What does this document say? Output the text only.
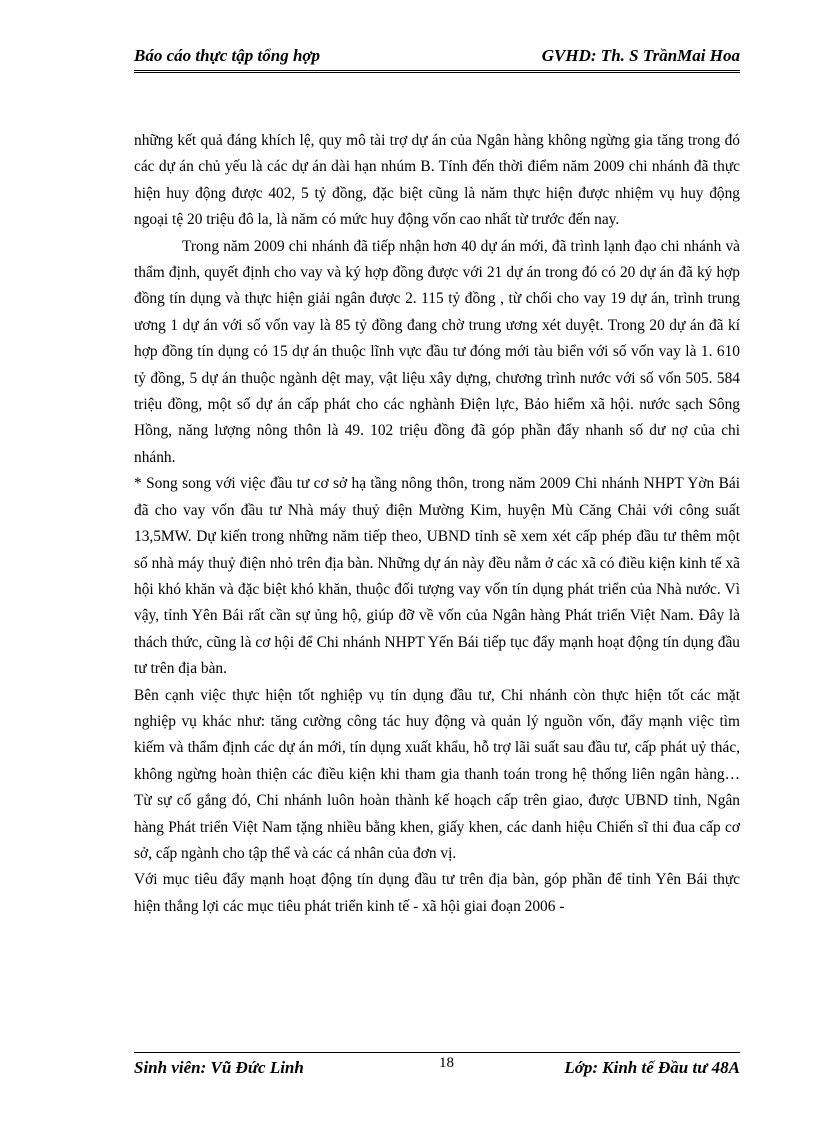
Báo cáo thực tập tổng hợp	GVHD: Th. S TrầnMai Hoa

những kết quả đáng khích lệ, quy mô tài trợ dự án của Ngân hàng không ngừng gia tăng trong đó các dự án chủ yếu là các dự án dài hạn nhúm B. Tính đến thời điểm năm 2009 chi nhánh đã thực hiện huy động được 402, 5 tỷ đồng, đặc biệt cũng là năm thực hiện được nhiệm vụ huy động ngoại tệ 20 triệu đô la, là năm có mức huy động vốn cao nhất từ trước đến nay.

Trong năm 2009 chi nhánh đã tiếp nhận hơn 40 dự án mới, đã trình lạnh đạo chi nhánh và thẩm định, quyết định cho vay và ký hợp đồng được với 21 dự án trong đó có 20 dự án đã ký hợp đồng tín dụng và thực hiện giải ngân được 2. 115 tỷ đồng , từ chối cho vay 19 dự án, trình trung ương 1 dự án với số vốn vay là 85 tỷ đồng đang chờ trung ương xét duyệt. Trong 20 dự án đã kí hợp đồng tín dụng có 15 dự án thuộc lĩnh vực đầu tư đóng mới tàu biển với số vốn vay là 1. 610 tỷ đồng, 5 dự án thuộc ngành dệt may, vật liệu xây dựng, chương trình nước với số vốn 505. 584 triệu đồng, một số dự án cấp phát cho các nghành Điện lực, Bảo hiểm xã hội. nước sạch Sông Hồng, năng lượng nông thôn là 49. 102 triệu đồng đã góp phần đẩy nhanh số dư nợ của chi nhánh.

* Song song với việc đầu tư cơ sở hạ tầng nông thôn, trong năm 2009 Chi nhánh NHPT Yờn Bái đã cho vay vốn đầu tư Nhà máy thuỷ điện Mường Kim, huyện Mù Căng Chải với công suất 13,5MW. Dự kiến trong những năm tiếp theo, UBND tỉnh sẽ xem xét cấp phép đầu tư thêm một số nhà máy thuỷ điện nhỏ trên địa bàn. Những dự án này đều nằm ở các xã có điều kiện kinh tế xã hội khó khăn và đặc biệt khó khăn, thuộc đối tượng vay vốn tín dụng phát triển của Nhà nước. Vì vậy, tỉnh Yên Bái rất cần sự ủng hộ, giúp đỡ về vốn của Ngân hàng Phát triển Việt Nam. Đây là thách thức, cũng là cơ hội để Chi nhánh NHPT Yến Bái tiếp tục đẩy mạnh hoạt động tín dụng đầu tư trên địa bàn.

Bên cạnh việc thực hiện tốt nghiệp vụ tín dụng đầu tư, Chi nhánh còn thực hiện tốt các mặt nghiệp vụ khác như: tăng cường công tác huy động và quản lý nguồn vốn, đẩy mạnh việc tìm kiếm và thẩm định các dự án mới, tín dụng xuất khẩu, hỗ trợ lãi suất sau đầu tư, cấp phát uỷ thác, không ngừng hoàn thiện các điều kiện khi tham gia thanh toán trong hệ thống liên ngân hàng… Từ sự cố gắng đó, Chi nhánh luôn hoàn thành kế hoạch cấp trên giao, được UBND tỉnh, Ngân hàng Phát triển Việt Nam tặng nhiều bằng khen, giấy khen, các danh hiệu Chiến sĩ thi đua cấp cơ sở, cấp ngành cho tập thể và các cá nhân của đơn vị.

Với mục tiêu đẩy mạnh hoạt động tín dụng đầu tư trên địa bàn, góp phần để tỉnh Yên Bái thực hiện thắng lợi các mục tiêu phát triển kinh tế - xã hội giai đoạn 2006 -

Sinh viên: Vũ Đức Linh	18	Lớp: Kinh tế Đầu tư 48A
